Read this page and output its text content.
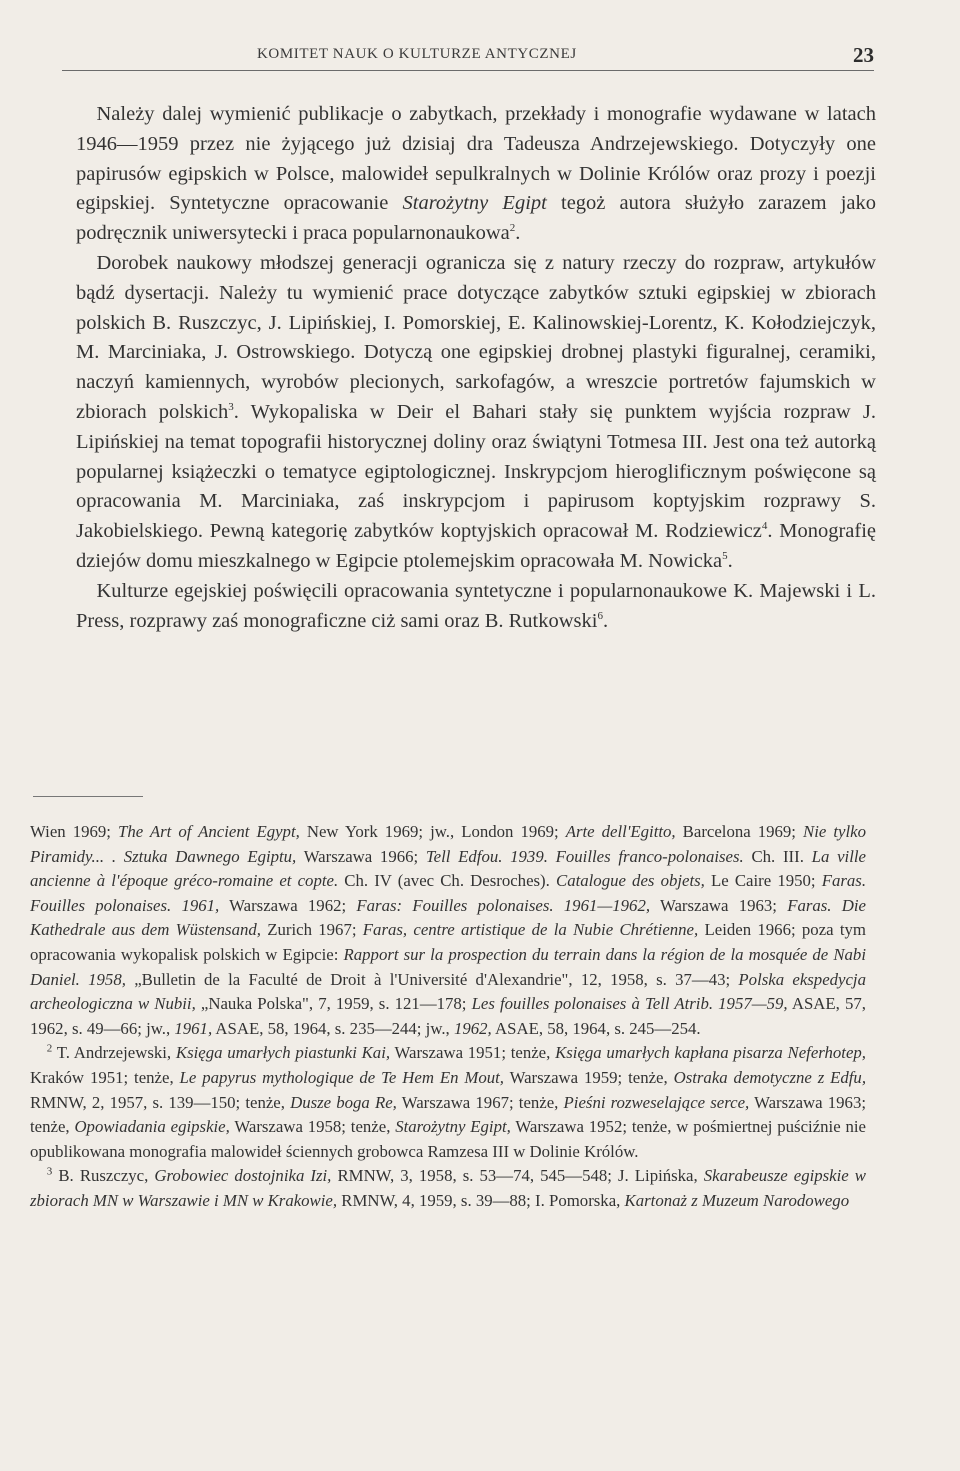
KOMITET NAUK O KULTURZE ANTYCZNEJ	23

 Należy dalej wymienić publikacje o zabytkach, przekłady i monografie wydawane w latach 1946—1959 przez nie żyjącego już dzisiaj dra Tadeusza Andrzejewskiego. Dotyczyły one papirusów egipskich w Polsce, malowideł sepulkralnych w Dolinie Królów oraz prozy i poezji egipskiej. Syntetyczne opracowanie Starożytny Egipt tegoż autora służyło zarazem jako podręcznik uniwersytecki i praca popularnonaukowa$^2$.

 Dorobek naukowy młodszej generacji ogranicza się z natury rzeczy do rozpraw, artykułów bądź dysertacji. Należy tu wymienić prace dotyczące zabytków sztuki egipskiej w zbiorach polskich B. Ruszczyc, J. Lipińskiej, I. Pomorskiej, E. Kalinowskiej-Lorentz, K. Kołodziejczyk, M. Marciniaka, J. Ostrowskiego. Dotyczą one egipskiej drobnej plastyki figuralnej, ceramiki, naczyń kamiennych, wyrobów plecionych, sarkofagów, a wreszcie portretów fajumskich w zbiorach polskich$^3$. Wykopaliska w Deir el Bahari stały się punktem wyjścia rozpraw J. Lipińskiej na temat topografii historycznej doliny oraz świątyni Totmesa III. Jest ona też autorką popularnej książeczki o tematyce egiptologicznej. Inskrypcjom hieroglificznym poświęcone są opracowania M. Marciniaka, zaś inskrypcjom i papirusom koptyjskim rozprawy S. Jakobielskiego. Pewną kategorię zabytków koptyjskich opracował M. Rodziewicz$^4$. Monografię dziejów domu mieszkalnego w Egipcie ptolemejskim opracowała M. Nowicka$^5$.

 Kulturze egejskiej poświęcili opracowania syntetyczne i popularnonaukowe K. Majewski i L. Press, rozprawy zaś monograficzne ciż sami oraz B. Rutkowski$^6$.

Wien 1969; The Art of Ancient Egypt, New York 1969; jw., London 1969; Arte dell'Egitto, Barcelona 1969; Nie tylko Piramidy... . Sztuka Dawnego Egiptu, Warszawa 1966; Tell Edfou. 1939. Fouilles franco-polonaises. Ch. III. La ville ancienne à l'époque gréco-romaine et copte. Ch. IV (avec Ch. Desroches). Catalogue des objets, Le Caire 1950; Faras. Fouilles polonaises. 1961, Warszawa 1962; Faras: Fouilles polonaises. 1961—1962, Warszawa 1963; Faras. Die Kathedrale aus dem Wüstensand, Zurich 1967; Faras, centre artistique de la Nubie Chrétienne, Leiden 1966; poza tym opracowania wykopalisk polskich w Egipcie: Rapport sur la prospection du terrain dans la région de la mosquée de Nabi Daniel. 1958, „Bulletin de la Faculté de Droit à l'Université d'Alexandrie", 12, 1958, s. 37—43; Polska ekspedycja archeologiczna w Nubii, „Nauka Polska", 7, 1959, s. 121—178; Les fouilles polonaises à Tell Atrib. 1957—59, ASAE, 57, 1962, s. 49—66; jw., 1961, ASAE, 58, 1964, s. 235—244; jw., 1962, ASAE, 58, 1964, s. 245—254.

 $^2$ T. Andrzejewski, Księga umarłych piastunki Kai, Warszawa 1951; tenże, Księga umarłych kapłana pisarza Neferhotep, Kraków 1951; tenże, Le papyrus mythologique de Te Hem En Mout, Warszawa 1959; tenże, Ostraka demotyczne z Edfu, RMNW, 2, 1957, s. 139—150; tenże, Dusze boga Re, Warszawa 1967; tenże, Pieśni rozweselające serce, Warszawa 1963; tenże, Opowiadania egipskie, Warszawa 1958; tenże, Starożytny Egipt, Warszawa 1952; tenże, w pośmiertnej puściźnie nie opublikowana monografia malowideł ściennych grobowca Ramzesa III w Dolinie Królów.

 $^3$ B. Ruszczyc, Grobowiec dostojnika Izi, RMNW, 3, 1958, s. 53—74, 545—548; J. Lipińska, Skarabeusze egipskie w zbiorach MN w Warszawie i MN w Krakowie, RMNW, 4, 1959, s. 39—88; I. Pomorska, Kartonaż z Muzeum Narodowego
